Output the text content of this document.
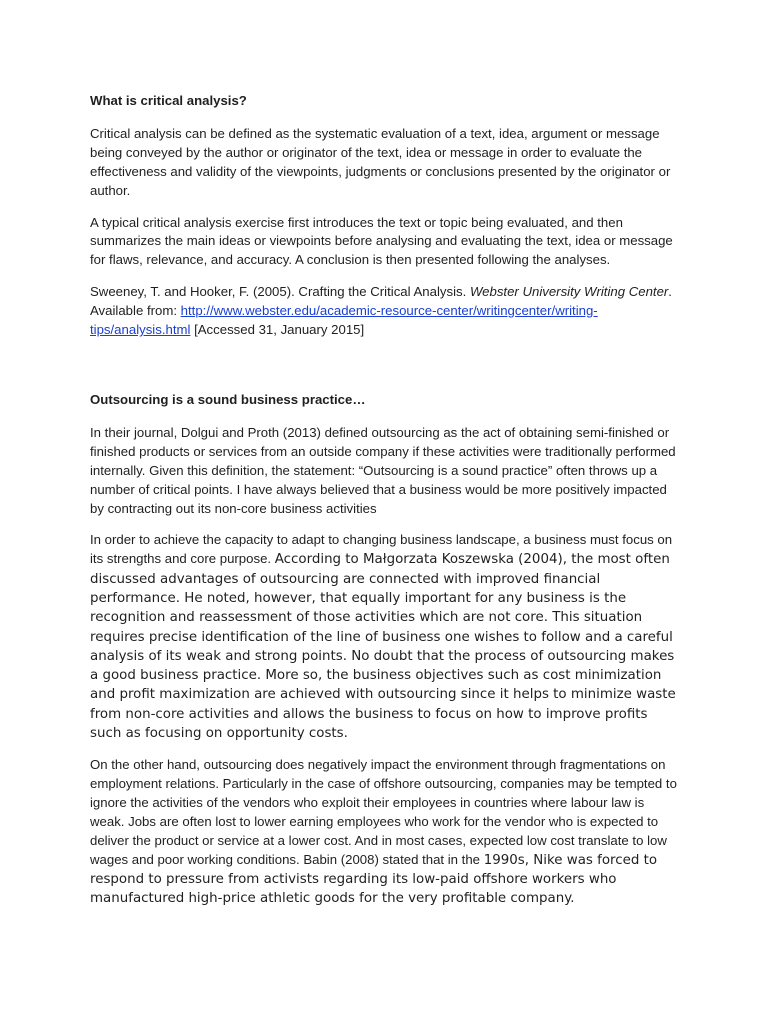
What is critical analysis?

Critical analysis can be defined as the systematic evaluation of a text, idea, argument or message being conveyed by the author or originator of the text, idea or message in order to evaluate the effectiveness and validity of the viewpoints, judgments or conclusions presented by the originator or author.

A typical critical analysis exercise first introduces the text or topic being evaluated, and then summarizes the main ideas or viewpoints before analysing and evaluating the text, idea or message for flaws, relevance, and accuracy. A conclusion is then presented following the analyses.

Sweeney, T. and Hooker, F. (2005). Crafting the Critical Analysis. Webster University Writing Center. Available from: http://www.webster.edu/academic-resource-center/writingcenter/writing-tips/analysis.html [Accessed 31, January 2015]

Outsourcing is a sound business practice…

In their journal, Dolgui and Proth (2013) defined outsourcing as the act of obtaining semi-finished or finished products or services from an outside company if these activities were traditionally performed internally. Given this definition, the statement: “Outsourcing is a sound practice” often throws up a number of critical points. I have always believed that a business would be more positively impacted by contracting out its non-core business activities

In order to achieve the capacity to adapt to changing business landscape, a business must focus on its strengths and core purpose. According to Małgorzata Koszewska (2004), the most often discussed advantages of outsourcing are connected with improved financial performance. He noted, however, that equally important for any business is the recognition and reassessment of those activities which are not core. This situation requires precise identification of the line of business one wishes to follow and a careful analysis of its weak and strong points. No doubt that the process of outsourcing makes a good business practice. More so, the business objectives such as cost minimization and profit maximization are achieved with outsourcing since it helps to minimize waste from non-core activities and allows the business to focus on how to improve profits such as focusing on opportunity costs.

On the other hand, outsourcing does negatively impact the environment through fragmentations on employment relations. Particularly in the case of offshore outsourcing, companies may be tempted to ignore the activities of the vendors who exploit their employees in countries where labour law is weak. Jobs are often lost to lower earning employees who work for the vendor who is expected to deliver the product or service at a lower cost. And in most cases, expected low cost translate to low wages and poor working conditions. Babin (2008) stated that in the 1990s, Nike was forced to respond to pressure from activists regarding its low-paid offshore workers who manufactured high-price athletic goods for the very profitable company.
